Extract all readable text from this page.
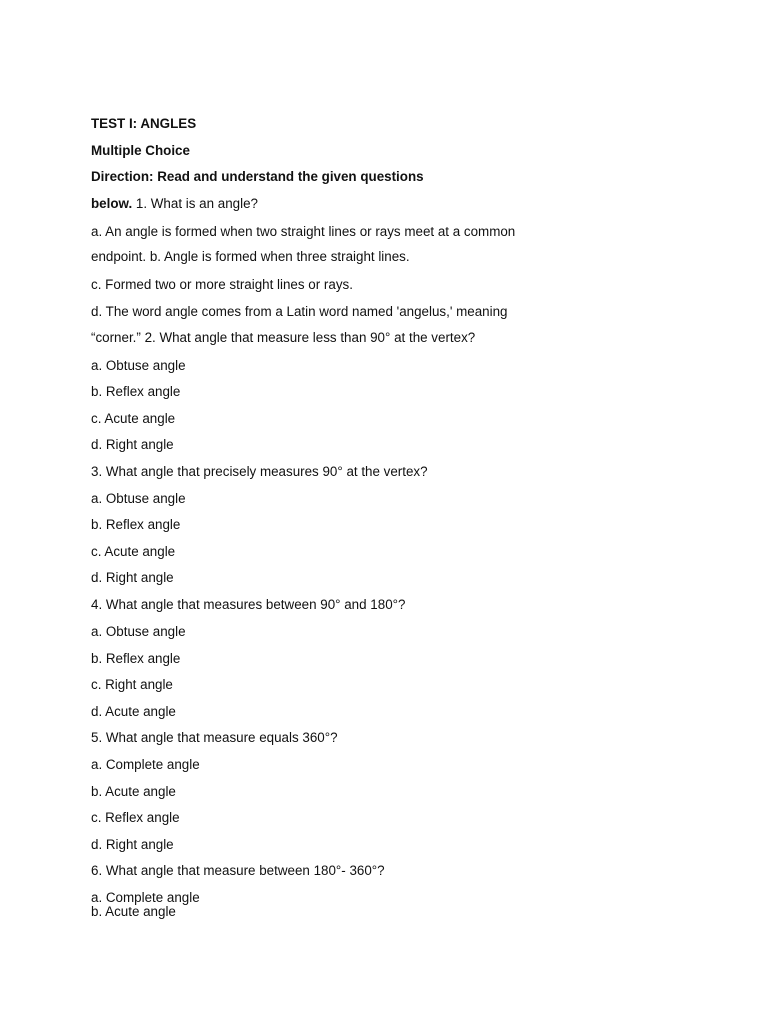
TEST I: ANGLES
Multiple Choice
Direction: Read and understand the given questions
below. 1. What is an angle?
a. An angle is formed when two straight lines or rays meet at a common
endpoint. b. Angle is formed when three straight lines.
c. Formed two or more straight lines or rays.
d. The word angle comes from a Latin word named 'angelus,' meaning
“corner.” 2. What angle that measure less than 90° at the vertex?
a. Obtuse angle
b. Reflex angle
c. Acute angle
d. Right angle
3. What angle that precisely measures 90° at the vertex?
a. Obtuse angle
b. Reflex angle
c. Acute angle
d. Right angle
4. What angle that measures between 90° and 180°?
a. Obtuse angle
b. Reflex angle
c. Right angle
d. Acute angle
5. What angle that measure equals 360°?
a. Complete angle
b. Acute angle
c. Reflex angle
d. Right angle
6. What angle that measure between 180°- 360°?
a. Complete angle
b. Acute angle
